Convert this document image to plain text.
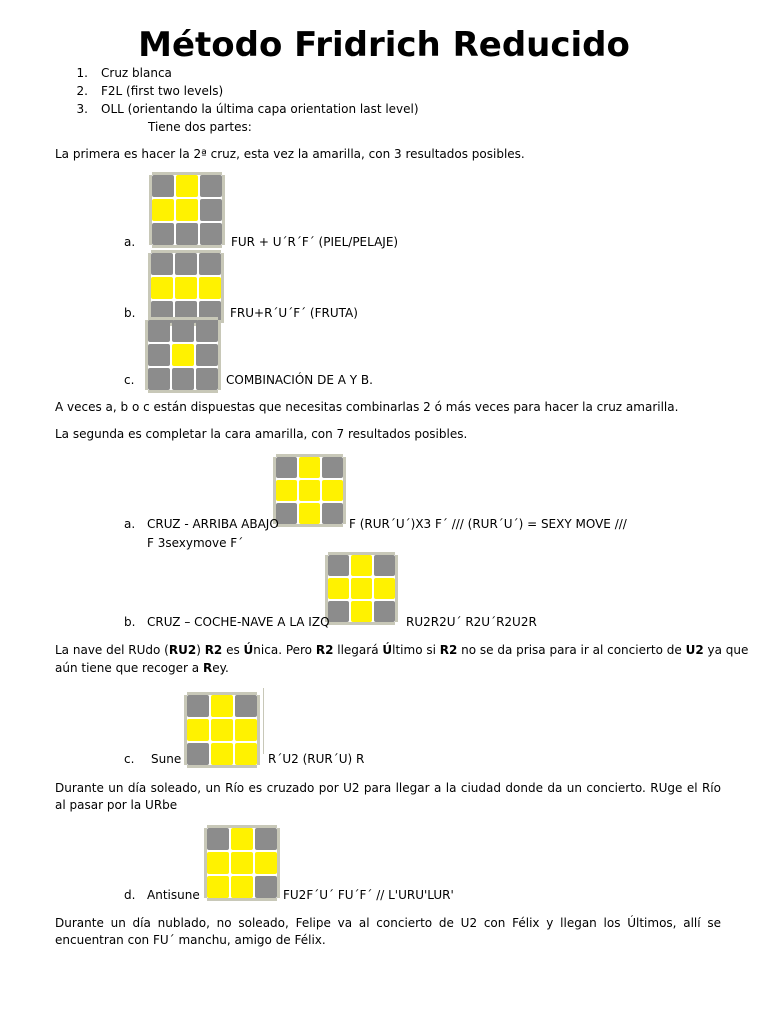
Método Fridrich Reducido
1. Cruz blanca
2. F2L (first two levels)
3. OLL (orientando la última capa orientation last level)
Tiene dos partes:
La primera es hacer la 2ª cruz, esta vez la amarilla, con 3 resultados posibles.
a.	FUR + U´R´F´ (PIEL/PELAJE)
b.	FRU+R´U´F´ (FRUTA)
c.	COMBINACIÓN DE A Y B.
A veces a, b o c están dispuestas que necesitas combinarlas 2 ó más veces para hacer la cruz amarilla.
La segunda es completar la cara amarilla, con 7 resultados posibles.
a. CRUZ - ARRIBA ABAJO	F (RUR´U´)X3 F´ /// (RUR´U´) = SEXY MOVE ///
F 3sexymove F´
b. CRUZ – COCHE-NAVE A LA IZQ	RU2R2U´ R2U´R2U2R
La nave del RUdo (RU2) R2 es Única. Pero R2 llegará Último si R2 no se da prisa para ir al concierto de U2 ya que
aún tiene que recoger a Rey.
c. Sune	R´U2 (RUR´U) R
Durante un día soleado, un Río es cruzado por U2 para llegar a la ciudad donde da un concierto. RUge el Río al pasar por la URbe
d. Antisune	FU2F´U´ FU´F´ // L'URU'LUR'
Durante un día nublado, no soleado, Felipe va al concierto de U2 con Félix y llegan los Últimos, allí se encuentran con FU´ manchu, amigo de Félix.
